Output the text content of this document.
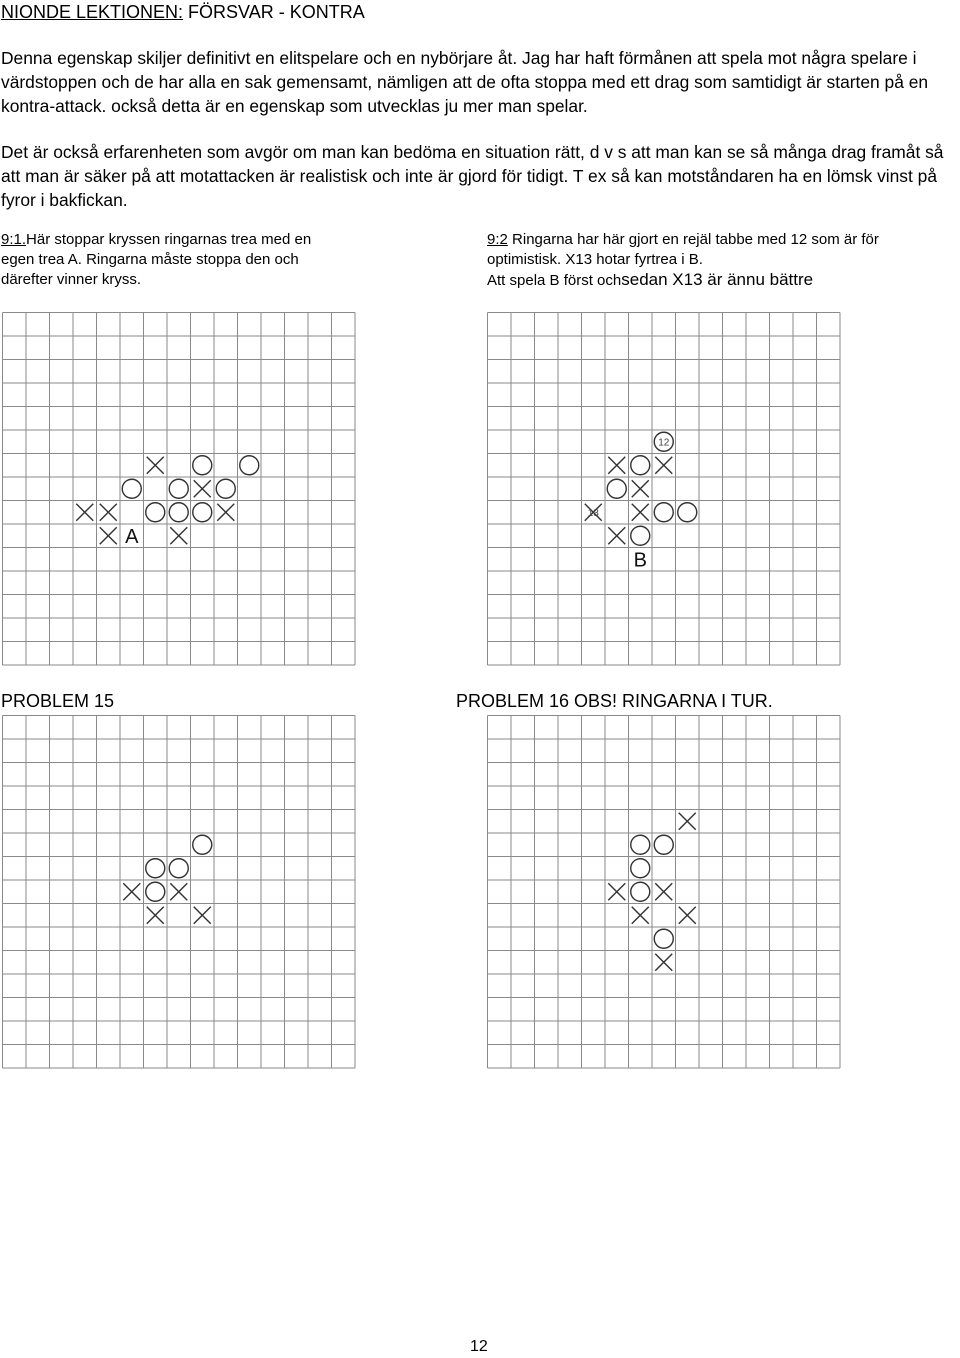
NIONDE LEKTIONEN: FÖRSVAR - KONTRA

Denna egenskap skiljer definitivt en elitspelare och en nybörjare åt. Jag har haft förmånen att spela mot några spelare i värdstoppen och de har alla en sak gemensamt, nämligen att de ofta stoppa med ett drag som samtidigt är starten på en kontra-attack. också detta är en egenskap som utvecklas ju mer man spelar.

Det är också erfarenheten som avgör om man kan bedöma en situation rätt, d v s att man kan se så många drag framåt så att man är säker på att motattacken är realistisk och inte är gjord för tidigt. T ex så kan motståndaren ha en lömsk vinst på fyror i bakfickan.

9:1.Här stoppar kryssen ringarnas trea med en egen trea A. Ringarna måste stoppa den och därefter vinner kryss.

9:2 Ringarna har här gjort en rejäl tabbe med 12 som är för optimistisk. X13 hotar fyrtrea i B.
Att spela B först ochsedan X13 är ännu bättre

A
12
13
B
PROBLEM 15	PROBLEM 16 OBS! RINGARNA I TUR.
12
